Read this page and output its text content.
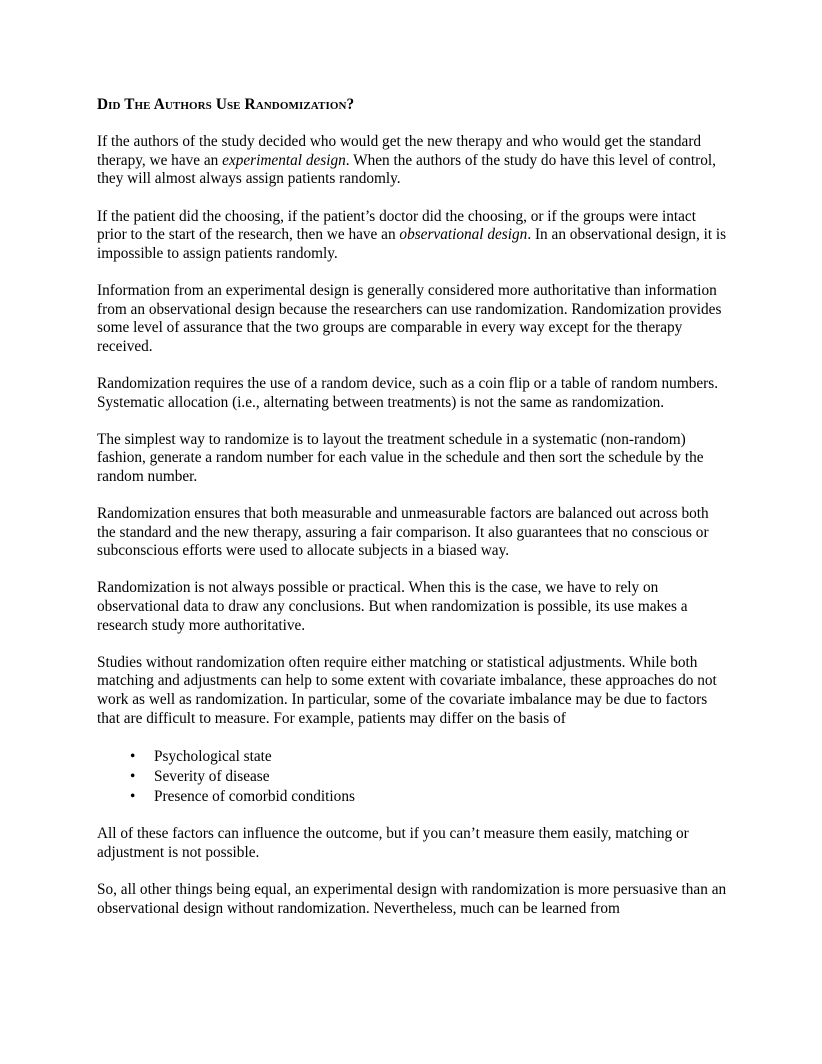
Did The Authors Use Randomization?

If the authors of the study decided who would get the new therapy and who would get the standard therapy, we have an experimental design. When the authors of the study do have this level of control, they will almost always assign patients randomly.

If the patient did the choosing, if the patient’s doctor did the choosing, or if the groups were intact prior to the start of the research, then we have an observational design. In an observational design, it is impossible to assign patients randomly.

Information from an experimental design is generally considered more authoritative than information from an observational design because the researchers can use randomization. Randomization provides some level of assurance that the two groups are comparable in every way except for the therapy received.

Randomization requires the use of a random device, such as a coin flip or a table of random numbers. Systematic allocation (i.e., alternating between treatments) is not the same as randomization.

The simplest way to randomize is to layout the treatment schedule in a systematic (non-random) fashion, generate a random number for each value in the schedule and then sort the schedule by the random number.

Randomization ensures that both measurable and unmeasurable factors are balanced out across both the standard and the new therapy, assuring a fair comparison. It also guarantees that no conscious or subconscious efforts were used to allocate subjects in a biased way.

Randomization is not always possible or practical. When this is the case, we have to rely on observational data to draw any conclusions. But when randomization is possible, its use makes a research study more authoritative.

Studies without randomization often require either matching or statistical adjustments. While both matching and adjustments can help to some extent with covariate imbalance, these approaches do not work as well as randomization. In particular, some of the covariate imbalance may be due to factors that are difficult to measure. For example, patients may differ on the basis of

• Psychological state
• Severity of disease
• Presence of comorbid conditions

All of these factors can influence the outcome, but if you can’t measure them easily, matching or adjustment is not possible.

So, all other things being equal, an experimental design with randomization is more persuasive than an observational design without randomization. Nevertheless, much can be learned from
